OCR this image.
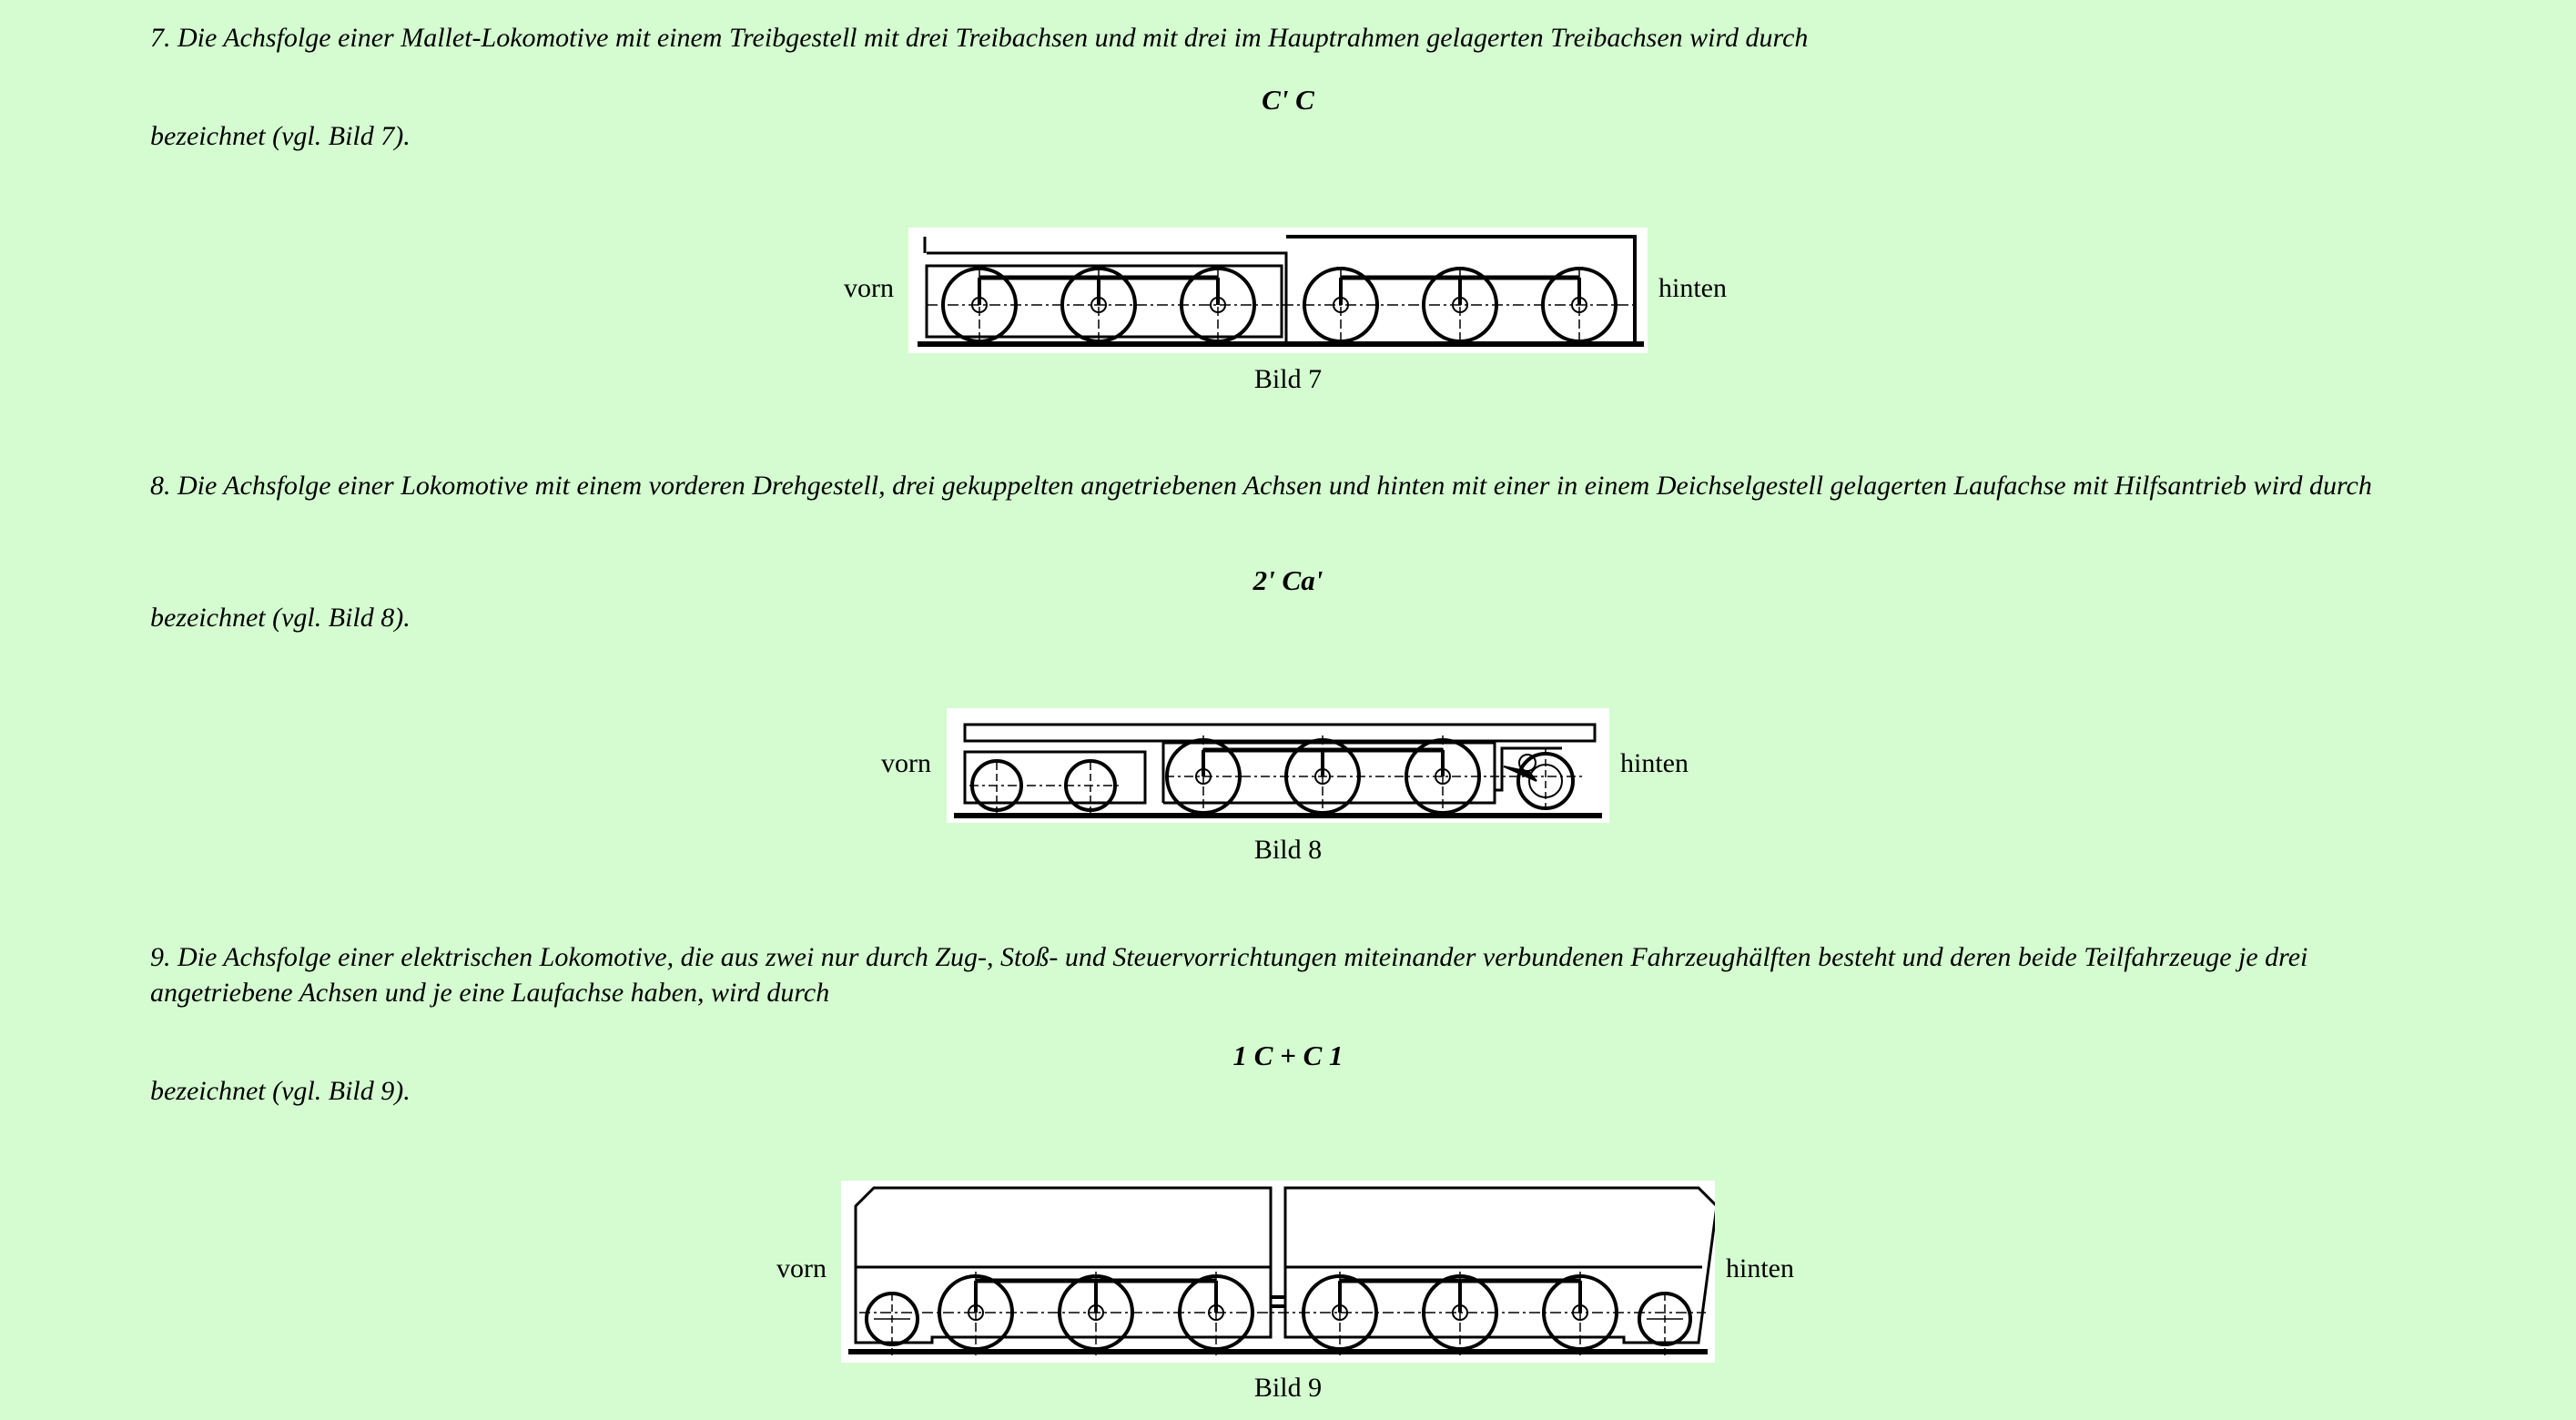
7. Die Achsfolge einer Mallet-Lokomotive mit einem Treibgestell mit drei Treibachsen und mit drei im Hauptrahmen gelagerten Treibachsen wird durch
C' C
bezeichnet (vgl. Bild 7).
vorn	hinten
Bild 7
8. Die Achsfolge einer Lokomotive mit einem vorderen Drehgestell, drei gekuppelten angetriebenen Achsen und hinten mit einer in einem Deichselgestell gelagerten Laufachse mit Hilfsantrieb wird durch
2' Ca'
bezeichnet (vgl. Bild 8).
vorn	hinten
Bild 8
9. Die Achsfolge einer elektrischen Lokomotive, die aus zwei nur durch Zug-, Stoß- und Steuervorrichtungen miteinander verbundenen Fahrzeughälften besteht und deren beide Teilfahrzeuge je drei angetriebene Achsen und je eine Laufachse haben, wird durch
1 C + C 1
bezeichnet (vgl. Bild 9).
vorn	hinten
Bild 9
